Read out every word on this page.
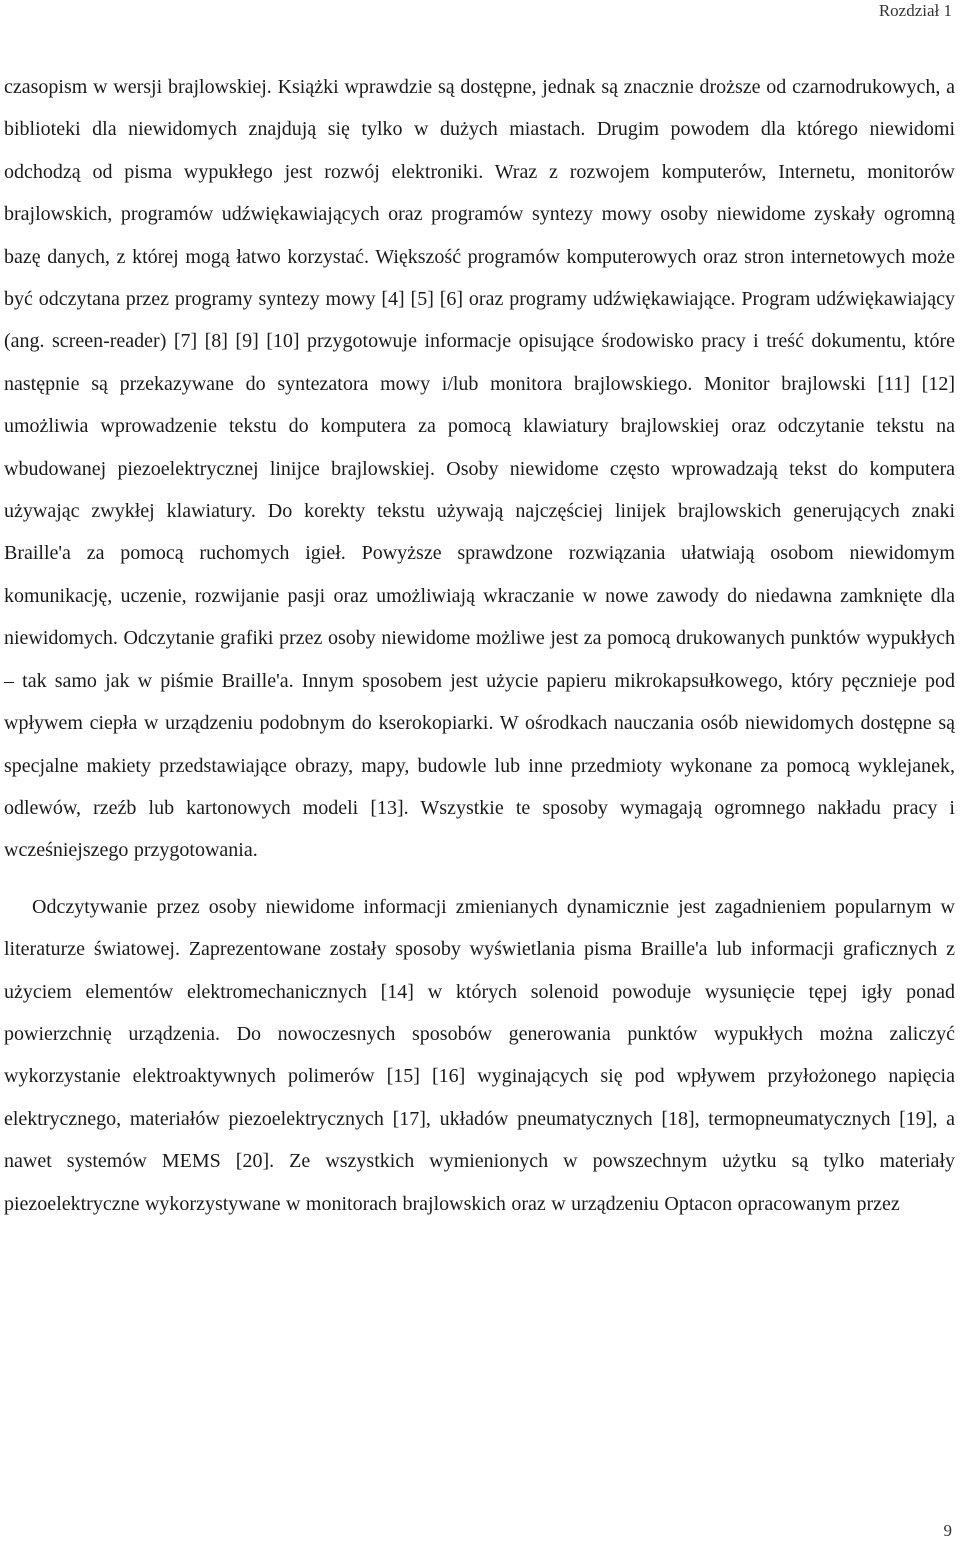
Rozdział 1

czasopism w wersji brajlowskiej. Książki wprawdzie są dostępne, jednak są znacznie droższe od czarnodrukowych, a biblioteki dla niewidomych znajdują się tylko w dużych miastach. Drugim powodem dla którego niewidomi odchodzą od pisma wypukłego jest rozwój elektroniki. Wraz z rozwojem komputerów, Internetu, monitorów brajlowskich, programów udźwiękawiających oraz programów syntezy mowy osoby niewidome zyskały ogromną bazę danych, z której mogą łatwo korzystać. Większość programów komputerowych oraz stron internetowych może być odczytana przez programy syntezy mowy [4] [5] [6] oraz programy udźwiękawiające. Program udźwiękawiający (ang. screen-reader) [7] [8] [9] [10] przygotowuje informacje opisujące środowisko pracy i treść dokumentu, które następnie są przekazywane do syntezatora mowy i/lub monitora brajlowskiego. Monitor brajlowski [11] [12] umożliwia wprowadzenie tekstu do komputera za pomocą klawiatury brajlowskiej oraz odczytanie tekstu na wbudowanej piezoelektrycznej linijce brajlowskiej. Osoby niewidome często wprowadzają tekst do komputera używając zwykłej klawiatury. Do korekty tekstu używają najczęściej linijek brajlowskich generujących znaki Braille'a za pomocą ruchomych igieł. Powyższe sprawdzone rozwiązania ułatwiają osobom niewidomym komunikację, uczenie, rozwijanie pasji oraz umożliwiają wkraczanie w nowe zawody do niedawna zamknięte dla niewidomych. Odczytanie grafiki przez osoby niewidome możliwe jest za pomocą drukowanych punktów wypukłych – tak samo jak w piśmie Braille'a. Innym sposobem jest użycie papieru mikrokapsułkowego, który pęcznieje pod wpływem ciepła w urządzeniu podobnym do kserokopiarki. W ośrodkach nauczania osób niewidomych dostępne są specjalne makiety przedstawiające obrazy, mapy, budowle lub inne przedmioty wykonane za pomocą wyklejanek, odlewów, rzeźb lub kartonowych modeli [13]. Wszystkie te sposoby wymagają ogromnego nakładu pracy i wcześniejszego przygotowania.

Odczytywanie przez osoby niewidome informacji zmienianych dynamicznie jest zagadnieniem popularnym w literaturze światowej. Zaprezentowane zostały sposoby wyświetlania pisma Braille'a lub informacji graficznych z użyciem elementów elektromechanicznych [14] w których solenoid powoduje wysunięcie tępej igły ponad powierzchnię urządzenia. Do nowoczesnych sposobów generowania punktów wypukłych można zaliczyć wykorzystanie elektroaktywnych polimerów [15] [16] wyginających się pod wpływem przyłożonego napięcia elektrycznego, materiałów piezoelektrycznych [17], układów pneumatycznych [18], termopneumatycznych [19], a nawet systemów MEMS [20]. Ze wszystkich wymienionych w powszechnym użytku są tylko materiały piezoelektryczne wykorzystywane w monitorach brajlowskich oraz w urządzeniu Optacon opracowanym przez

9
